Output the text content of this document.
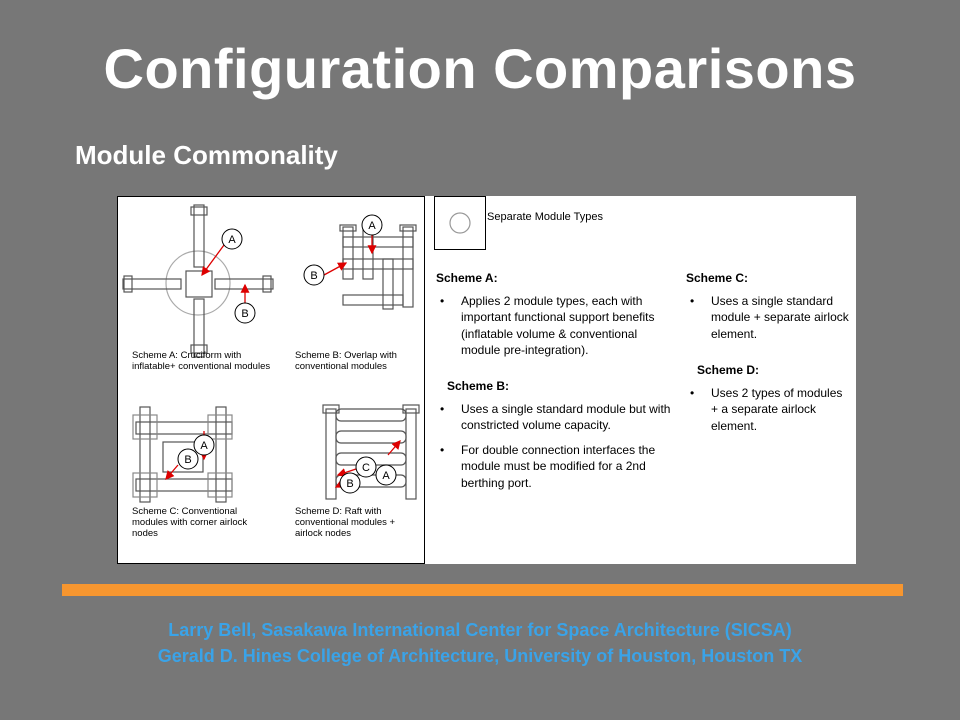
Configuration Comparisons
Module Commonality
A
B
A
B
A
B
C
A
B
Scheme A: Cruciform with inflatable+ conventional modules
Scheme B: Overlap with conventional modules
Scheme C: Conventional modules with corner airlock nodes
Scheme D: Raft with conventional modules + airlock nodes
Separate Module Types
Scheme A:
• Applies 2 module types, each with important functional support benefits (inflatable volume & conventional module pre-integration).
Scheme B:
• Uses a single standard module but with constricted volume capacity.
• For double connection interfaces the module must be modified for a 2nd berthing port.
Scheme C:
• Uses a single standard module + separate airlock element.
Scheme D:
• Uses 2 types of modules + a separate airlock element.
Larry Bell, Sasakawa International Center for Space Architecture (SICSA)
Gerald D. Hines College of Architecture, University of Houston, Houston TX
